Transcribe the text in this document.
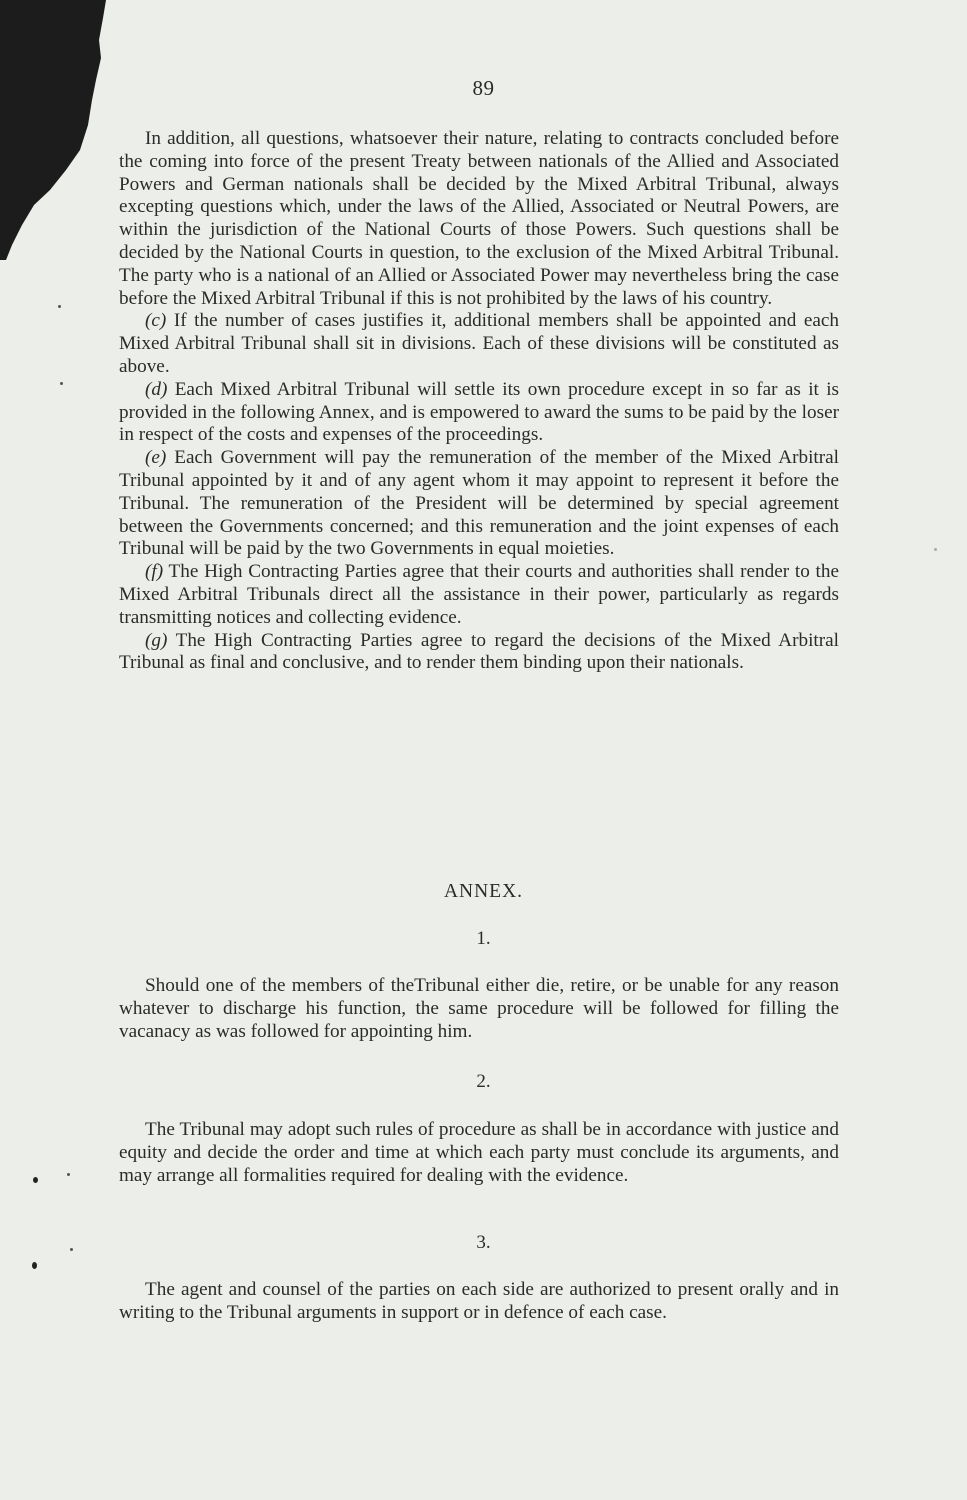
89

In addition, all questions, whatsoever their nature, relating to contracts concluded before the coming into force of the present Treaty between nationals of the Allied and Associated Powers and German nationals shall be decided by the Mixed Arbitral Tribunal, always excepting questions which, under the laws of the Allied, Associated or Neutral Powers, are within the jurisdiction of the National Courts of those Powers. Such questions shall be decided by the National Courts in question, to the exclusion of the Mixed Arbitral Tribunal. The party who is a national of an Allied or Associated Power may nevertheless bring the case before the Mixed Arbitral Tribunal if this is not prohibited by the laws of his country.

(c) If the number of cases justifies it, additional members shall be appointed and each Mixed Arbitral Tribunal shall sit in divisions. Each of these divisions will be constituted as above.

(d) Each Mixed Arbitral Tribunal will settle its own procedure except in so far as it is provided in the following Annex, and is empowered to award the sums to be paid by the loser in respect of the costs and expenses of the proceedings.

(e) Each Government will pay the remuneration of the member of the Mixed Arbitral Tribunal appointed by it and of any agent whom it may appoint to represent it before the Tribunal. The remuneration of the President will be determined by special agreement between the Governments concerned; and this remuneration and the joint expenses of each Tribunal will be paid by the two Governments in equal moieties.

(f) The High Contracting Parties agree that their courts and authorities shall render to the Mixed Arbitral Tribunals direct all the assistance in their power, particularly as regards transmitting notices and collecting evidence.

(g) The High Contracting Parties agree to regard the decisions of the Mixed Arbitral Tribunal as final and conclusive, and to render them binding upon their nationals.

ANNEX.
1.

Should one of the members of theTribunal either die, retire, or be unable for any reason whatever to discharge his function, the same procedure will be followed for filling the vacanacy as was followed for appointing him.

2.

The Tribunal may adopt such rules of procedure as shall be in accordance with justice and equity and decide the order and time at which each party must conclude its arguments, and may arrange all formalities required for dealing with the evidence.

3.

The agent and counsel of the parties on each side are authorized to present orally and in writing to the Tribunal arguments in support or in defence of each case.
